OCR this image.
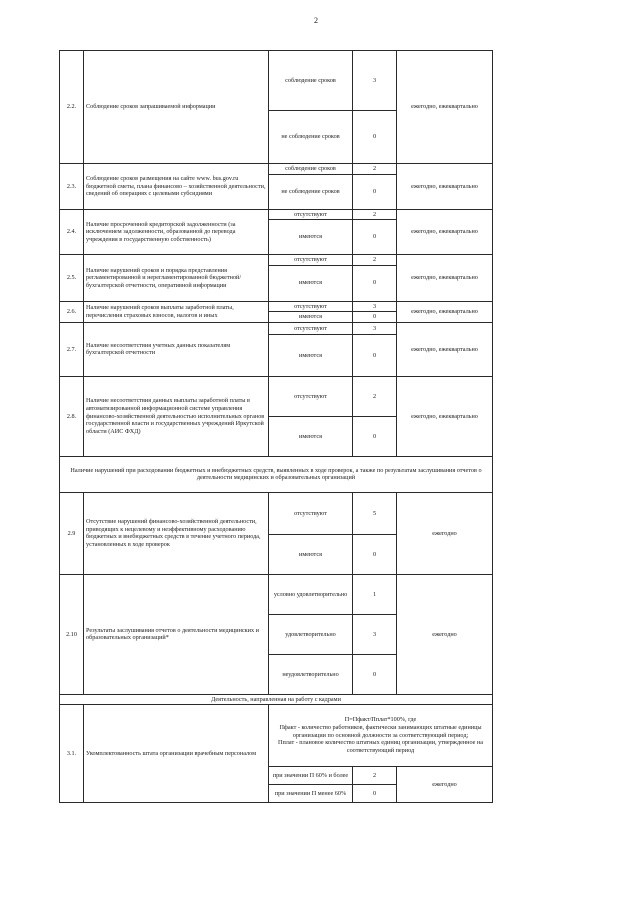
2
2.2.	Соблюдение сроков запрашиваемой информации	соблюдение сроков	3	ежегодно, ежеквартально
		не соблюдение сроков	0	
2.3.	Соблюдение сроков размещения на сайте www. bus.gov.ru бюджетной сметы, плана финансово – хозяйственной деятельности, сведений об операциях с целевыми субсидиями	соблюдение сроков	2	ежегодно, ежеквартально
		не соблюдение сроков	0	
2.4.	Наличие просроченной кредиторской задолженности (за исключением задолженности, образованной до перевода учреждения в государственную собственность)	отсутствуют	2	ежегодно, ежеквартально
		имеются	0	
2.5.	Наличие нарушений сроков и порядка представления регламентированной и нерегламентированной бюджетной/бухгалтерской отчетности, оперативной информации	отсутствуют	2	ежегодно, ежеквартально
		имеются	0	
2.6.	Наличие нарушений сроков выплаты заработной платы, перечисления страховых взносов, налогов и иных	отсутствуют	3	ежегодно, ежеквартально
		имеются	0	
2.7.	Наличие несоответствия учетных данных показателям бухгалтерской отчетности	отсутствуют	3	ежегодно, ежеквартально
		имеются	0	
2.8.	Наличие несоответствия данных выплаты заработной платы в автоматизированной информационной системе управления финансово-хозяйственной деятельностью исполнительных органов государственной власти и государственных учреждений Иркутской области (АИС ФХД)	отсутствуют	2	ежегодно, ежеквартально
		имеются	0	
Наличие нарушений при расходовании бюджетных и внебюджетных средств, выявленных в ходе проверок, а также по результатам заслушивания отчетов о деятельности медицинских и образовательных организаций				
2.9	Отсутствие нарушений финансово-хозяйственной деятельности, приводящих к нецелевому и неэффективному расходованию бюджетных и внебюджетных средств в течение учетного периода, установленных в ходе проверок	отсутствуют	5	ежегодно
		имеются	0	
2.10	Результаты заслушивания отчетов о деятельности медицинских и образовательных организаций*	условно удовлетворительно	1	ежегодно
		удовлетворительно	3	
		неудовлетворительно	0	
Деятельность, направленная на работу с кадрами				
3.1.	Укомплектованность штата организации врачебным персоналом	П=Пфакт/Пплат*100%, где
Пфакт - количество работников, фактически занимающих штатные единицы организации по основной должности за соответствующий период;
Пплат - плановое количество штатных единиц организации, утвержденное на соответствующий период		

		при значении П 60% и более	2	ежегодно
		при значении П менее 60%	0	
